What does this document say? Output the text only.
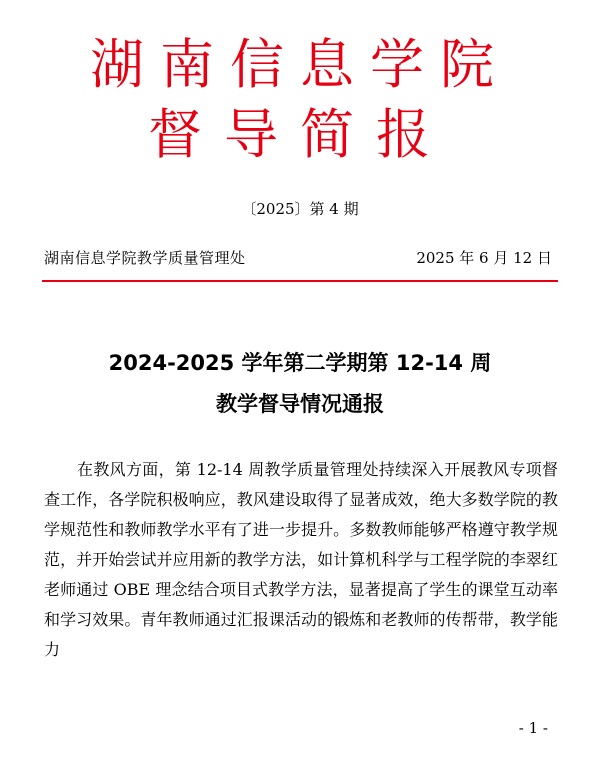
湖南信息学院
督导简报
〔2025〕第 4 期
湖南信息学院教学质量管理处	2025 年 6 月 12 日
2024-2025 学年第二学期第 12-14 周
教学督导情况通报

在教风方面，第 12-14 周教学质量管理处持续深入开展教风专项督查工作，各学院积极响应，教风建设取得了显著成效，绝大多数学院的教学规范性和教师教学水平有了进一步提升。多数教师能够严格遵守教学规范，并开始尝试并应用新的教学方法，如计算机科学与工程学院的李翠红老师通过 OBE 理念结合项目式教学方法，显著提高了学生的课堂互动率和学习效果。青年教师通过汇报课活动的锻炼和老教师的传帮带，教学能力

- 1 -
